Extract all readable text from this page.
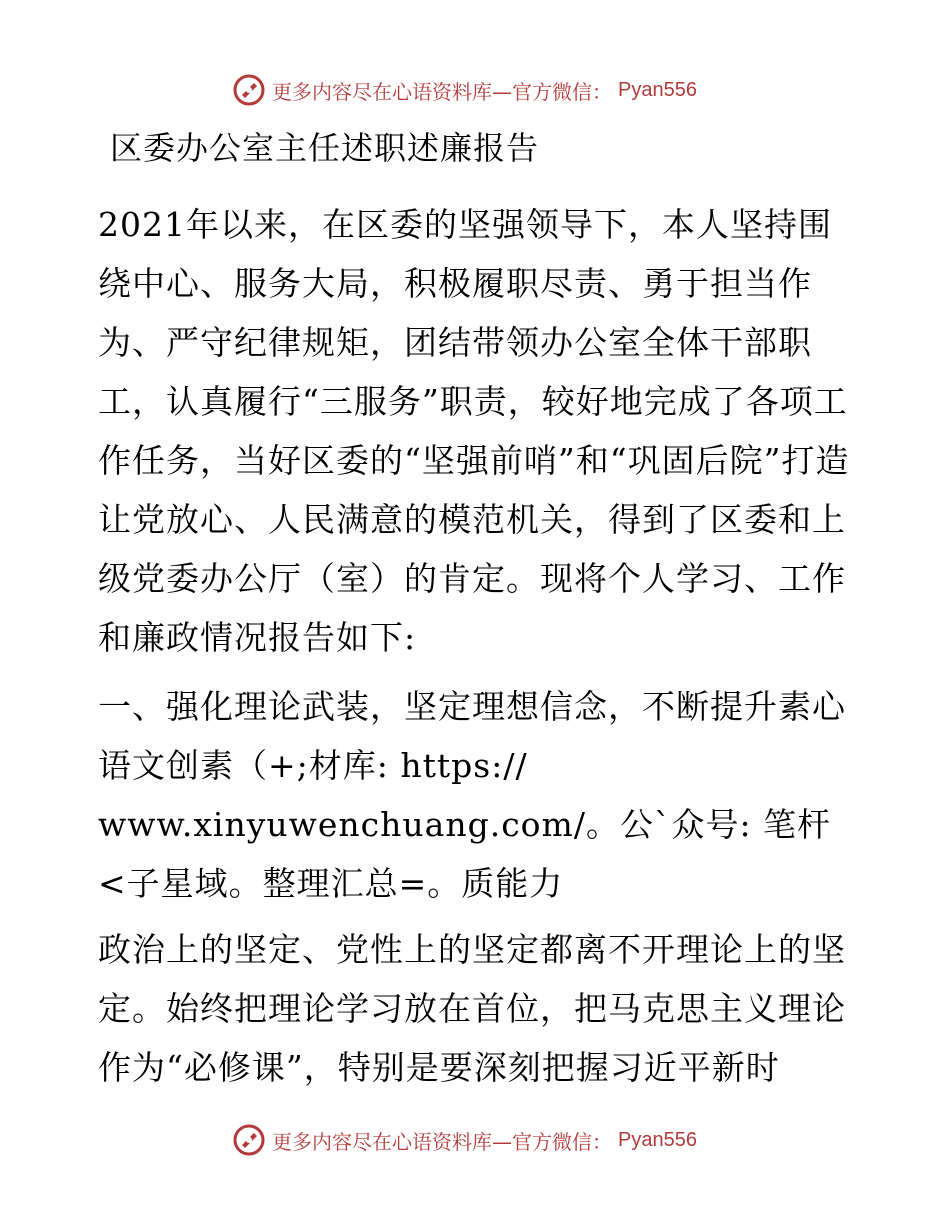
更多内容尽在心语资料库—官方微信： Pyan556
区委办公室主任述职述廉报告

2021年以来，在区委的坚强领导下，本人坚持围绕中心、服务大局，积极履职尽责、勇于担当作为、严守纪律规矩，团结带领办公室全体干部职工，认真履行“三服务”职责，较好地完成了各项工作任务，当好区委的“坚强前哨”和“巩固后院”打造让党放心、人民满意的模范机关，得到了区委和上级党委办公厅（室）的肯定。现将个人学习、工作和廉政情况报告如下:

一、强化理论武装，坚定理想信念，不断提升素心语文创素（+;材库: https:// www.xinyuwenchuang.com/。公`众号: 笔杆<子星域。整理汇总=。质能力

政治上的坚定、党性上的坚定都离不开理论上的坚定。始终把理论学习放在首位，把马克思主义理论作为“必修课”，特别是要深刻把握习近平新时

更多内容尽在心语资料库—官方微信： Pyan556
